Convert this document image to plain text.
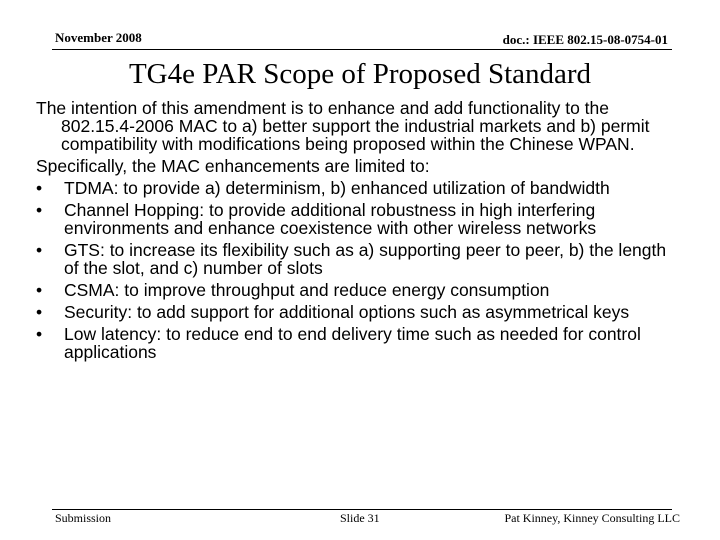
November 2008	doc.: IEEE 802.15-08-0754-01
TG4e PAR Scope of Proposed Standard

The intention of this amendment is to enhance and add functionality to the 802.15.4-2006 MAC to a) better support the industrial markets and b) permit compatibility with modifications being proposed within the Chinese WPAN.

Specifically, the MAC enhancements are limited to:

• TDMA: to provide a) determinism, b) enhanced utilization of bandwidth
• Channel Hopping: to provide additional robustness in high interfering environments and enhance coexistence with other wireless networks
• GTS: to increase its flexibility such as a) supporting peer to peer, b) the length of the slot, and c) number of slots
• CSMA: to improve throughput and reduce energy consumption
• Security: to add support for additional options such as asymmetrical keys
• Low latency: to reduce end to end delivery time such as needed for control applications
Submission	Slide 31	Pat Kinney, Kinney Consulting LLC
